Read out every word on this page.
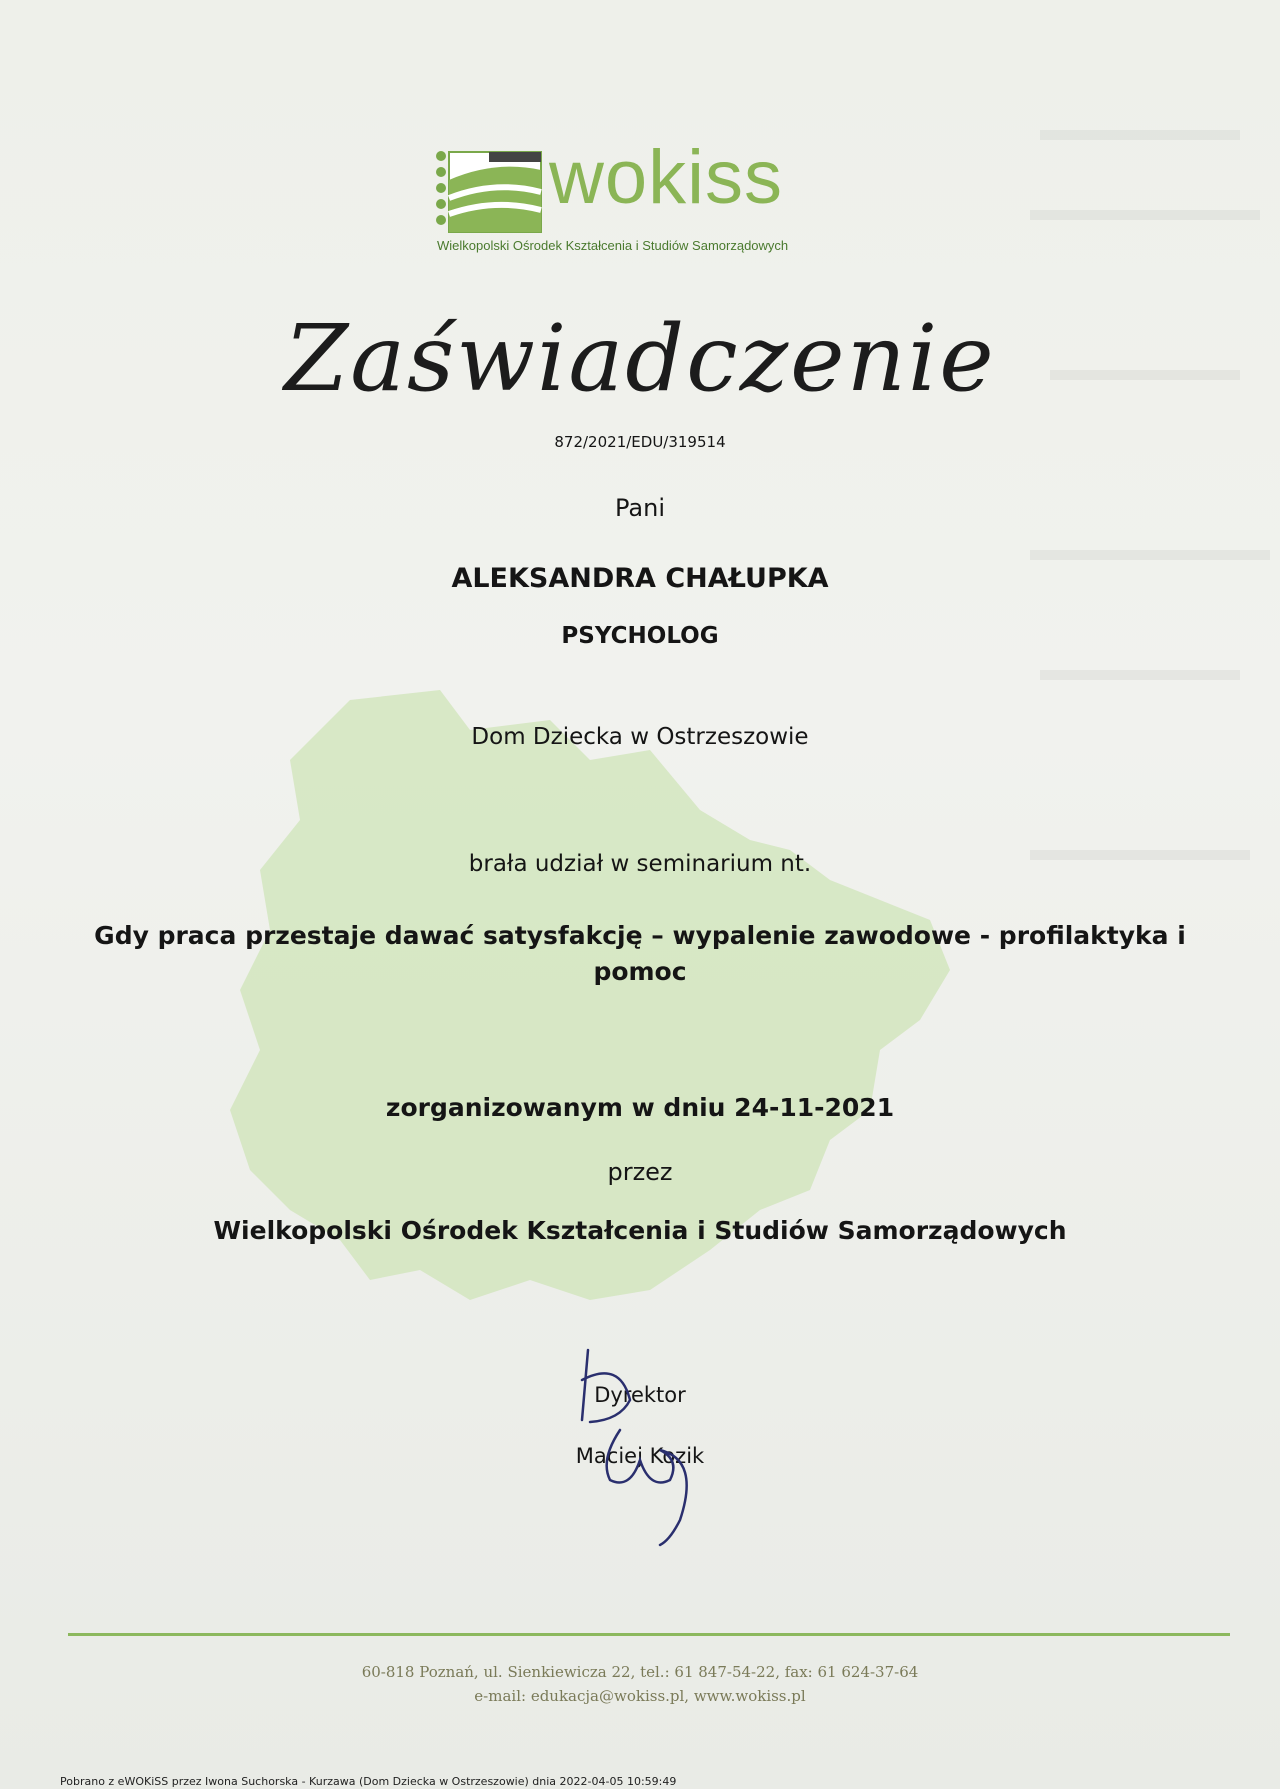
wokiss
Wielkopolski Ośrodek Kształcenia i Studiów Samorządowych
Zaświadczenie
872/2021/EDU/319514
Pani
ALEKSANDRA CHAŁUPKA
PSYCHOLOG
Dom Dziecka w Ostrzeszowie
brała udział w seminarium nt.
Gdy praca przestaje dawać satysfakcję – wypalenie zawodowe - profilaktyka i
pomoc
zorganizowanym w dniu 24-11-2021
przez
Wielkopolski Ośrodek Kształcenia i Studiów Samorządowych
Dyrektor
Maciej Kozik
60-818 Poznań, ul. Sienkiewicza 22, tel.: 61 847-54-22, fax: 61 624-37-64
e-mail: edukacja@wokiss.pl, www.wokiss.pl
Pobrano z eWOKiSS przez Iwona Suchorska - Kurzawa (Dom Dziecka w Ostrzeszowie) dnia 2022-04-05 10:59:49
